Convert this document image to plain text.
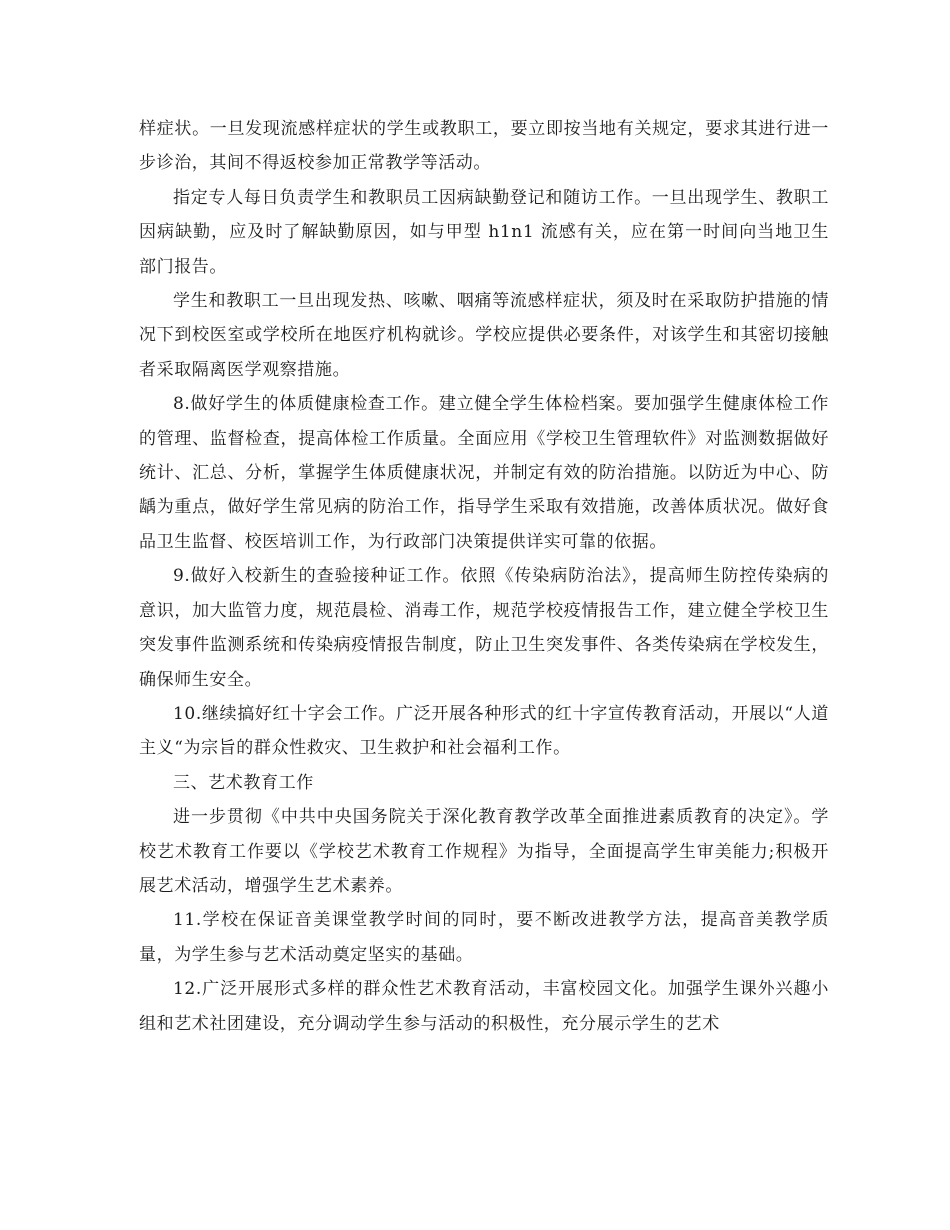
样症状。一旦发现流感样症状的学生或教职工，要立即按当地有关规定，要求其进行进一步诊治，其间不得返校参加正常教学等活动。

指定专人每日负责学生和教职员工因病缺勤登记和随访工作。一旦出现学生、教职工因病缺勤，应及时了解缺勤原因，如与甲型 h1n1 流感有关，应在第一时间向当地卫生部门报告。

学生和教职工一旦出现发热、咳嗽、咽痛等流感样症状，须及时在采取防护措施的情况下到校医室或学校所在地医疗机构就诊。学校应提供必要条件，对该学生和其密切接触者采取隔离医学观察措施。

8.做好学生的体质健康检查工作。建立健全学生体检档案。要加强学生健康体检工作的管理、监督检查，提高体检工作质量。全面应用《学校卫生管理软件》对监测数据做好统计、汇总、分析，掌握学生体质健康状况，并制定有效的防治措施。以防近为中心、防龋为重点，做好学生常见病的防治工作，指导学生采取有效措施，改善体质状况。做好食品卫生监督、校医培训工作，为行政部门决策提供详实可靠的依据。

9.做好入校新生的查验接种证工作。依照《传染病防治法》，提高师生防控传染病的意识，加大监管力度，规范晨检、消毒工作，规范学校疫情报告工作，建立健全学校卫生突发事件监测系统和传染病疫情报告制度，防止卫生突发事件、各类传染病在学校发生，确保师生安全。

10.继续搞好红十字会工作。广泛开展各种形式的红十字宣传教育活动，开展以“人道主义“为宗旨的群众性救灾、卫生救护和社会福利工作。

三、艺术教育工作

进一步贯彻《中共中央国务院关于深化教育教学改革全面推进素质教育的决定》。学校艺术教育工作要以《学校艺术教育工作规程》为指导，全面提高学生审美能力;积极开展艺术活动，增强学生艺术素养。

11.学校在保证音美课堂教学时间的同时，要不断改进教学方法，提高音美教学质量，为学生参与艺术活动奠定坚实的基础。

12.广泛开展形式多样的群众性艺术教育活动，丰富校园文化。加强学生课外兴趣小组和艺术社团建设，充分调动学生参与活动的积极性，充分展示学生的艺术
